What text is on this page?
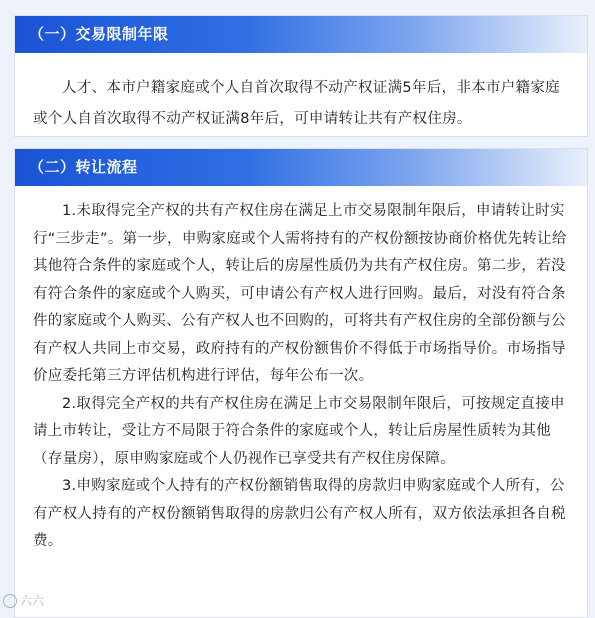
（一）交易限制年限

人才、本市户籍家庭或个人自首次取得不动产权证满5年后，非本市户籍家庭或个人自首次取得不动产权证满8年后，可申请转让共有产权住房。

（二）转让流程

1.未取得完全产权的共有产权住房在满足上市交易限制年限后，申请转让时实行“三步走”。第一步，申购家庭或个人需将持有的产权份额按协商价格优先转让给其他符合条件的家庭或个人，转让后的房屋性质仍为共有产权住房。第二步，若没有符合条件的家庭或个人购买，可申请公有产权人进行回购。最后，对没有符合条件的家庭或个人购买、公有产权人也不回购的，可将共有产权住房的全部份额与公有产权人共同上市交易，政府持有的产权份额售价不得低于市场指导价。市场指导价应委托第三方评估机构进行评估，每年公布一次。

2.取得完全产权的共有产权住房在满足上市交易限制年限后，可按规定直接申请上市转让，受让方不局限于符合条件的家庭或个人，转让后房屋性质转为其他（存量房），原申购家庭或个人仍视作已享受共有产权住房保障。

3.申购家庭或个人持有的产权份额销售取得的房款归申购家庭或个人所有，公有产权人持有的产权份额销售取得的房款归公有产权人所有，双方依法承担各自税费。

六六
